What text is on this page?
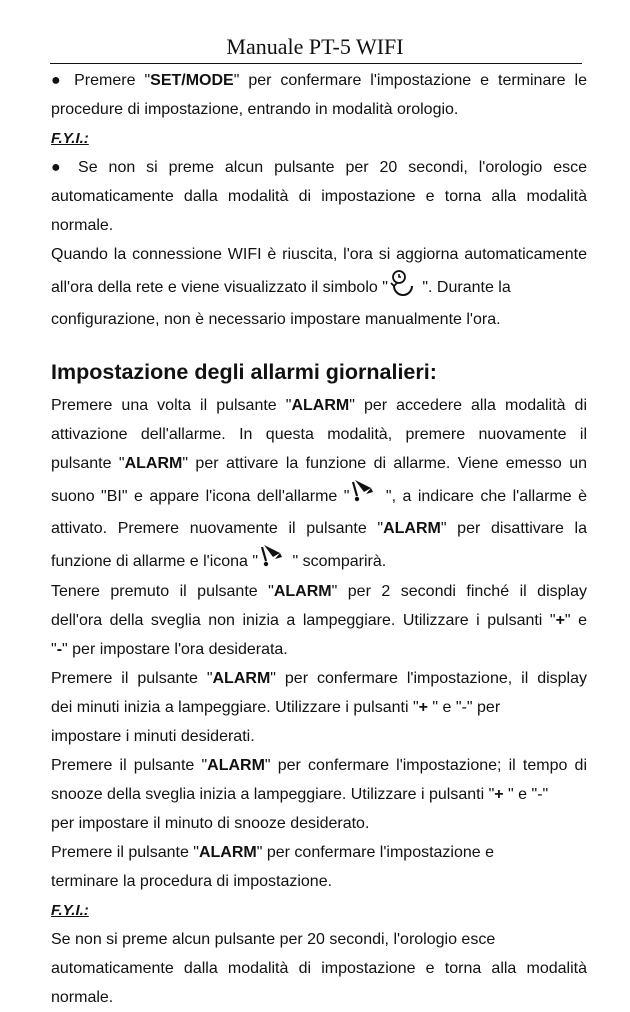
Manuale PT-5 WIFI

● Premere "SET/MODE" per confermare l'impostazione e terminare le

procedure di impostazione, entrando in modalità orologio.

F.Y.I.:

● Se non si preme alcun pulsante per 20 secondi, l'orologio esce

automaticamente dalla modalità di impostazione e torna alla modalità

normale.

Quando la connessione WIFI è riuscita, l'ora si aggiorna automaticamente

all'ora della rete e viene visualizzato il simbolo "
". Durante la

configurazione, non è necessario impostare manualmente l'ora.

Impostazione degli allarmi giornalieri:

Premere una volta il pulsante "ALARM" per accedere alla modalità di

attivazione dell'allarme. In questa modalità, premere nuovamente il

pulsante "ALARM" per attivare la funzione di allarme. Viene emesso un

suono "BI" e appare l'icona dell'allarme "
", a indicare che l'allarme è

attivato. Premere nuovamente il pulsante "ALARM" per disattivare la

funzione di allarme e l'icona "
" scomparirà.

Tenere premuto il pulsante "ALARM" per 2 secondi finché il display

dell'ora della sveglia non inizia a lampeggiare. Utilizzare i pulsanti "+" e

"-" per impostare l'ora desiderata.

Premere il pulsante "ALARM" per confermare l'impostazione, il display

dei minuti inizia a lampeggiare. Utilizzare i pulsanti "+ " e "-" per

impostare i minuti desiderati.

Premere il pulsante "ALARM" per confermare l'impostazione; il tempo di

snooze della sveglia inizia a lampeggiare. Utilizzare i pulsanti "+ " e "-"

per impostare il minuto di snooze desiderato.

Premere il pulsante "ALARM" per confermare l'impostazione e

terminare la procedura di impostazione.

F.Y.I.:

Se non si preme alcun pulsante per 20 secondi, l'orologio esce

automaticamente dalla modalità di impostazione e torna alla modalità

normale.
